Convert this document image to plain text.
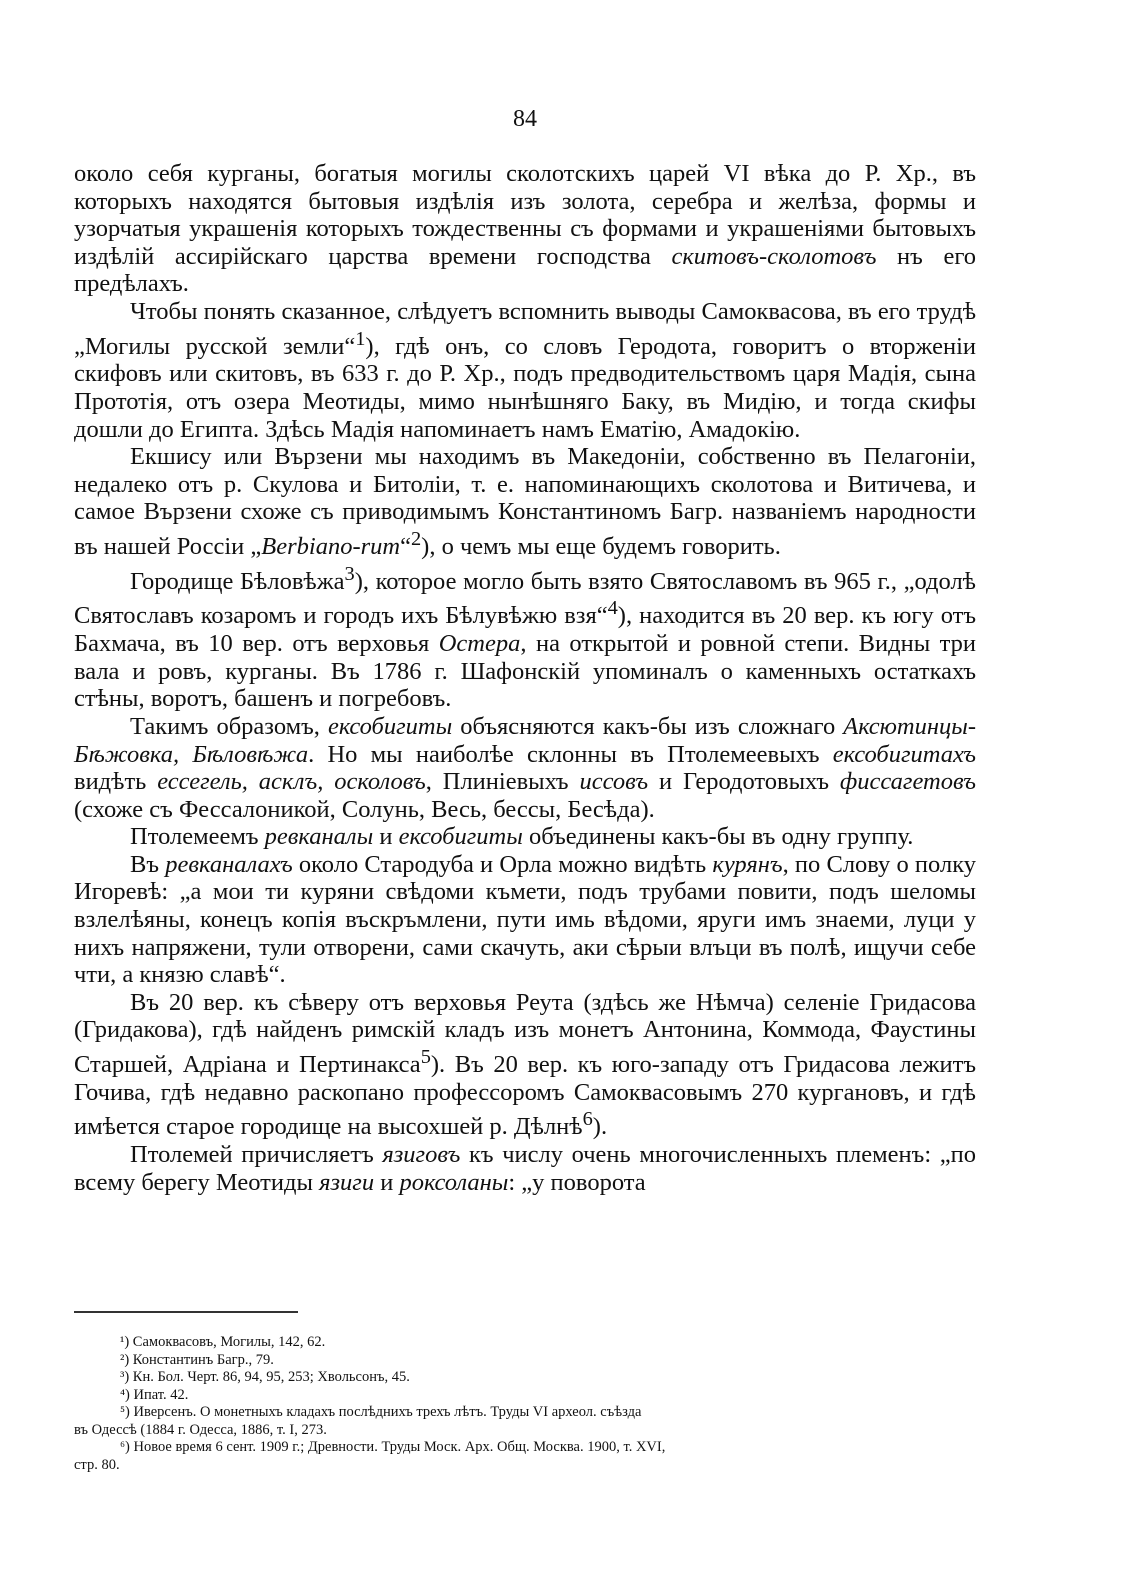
84

около себя курганы, богатыя могилы сколотскихъ царей VI вѣка до Р. Хр., въ которыхъ находятся бытовыя издѣлія изъ золота, серебра и желѣза, формы и узорчатыя украшенія которыхъ тождественны съ формами и украшеніями бытовыхъ издѣлій ассирійскаго царства времени господства скитовъ-сколотовъ нъ его предѣлахъ.

Чтобы понять сказанное, слѣдуетъ вспомнить выводы Самоквасова, въ его трудѣ „Могилы русской земли“$^1$), гдѣ онъ, со словъ Геродота, говоритъ о вторженіи скифовъ или скитовъ, въ 633 г. до Р. Хр., подъ предводительствомъ царя Мадія, сына Прототія, отъ озера Меотиды, мимо нынѣшняго Баку, въ Мидію, и тогда скифы дошли до Египта. Здѣсь Мадія напоминаетъ намъ Ематію, Амадокію.

Екшису или Вързени мы находимъ въ Македоніи, собственно въ Пелагоніи, недалеко отъ р. Скулова и Битоліи, т. е. напоминающихъ сколотова и Витичева, и самое Вързени схоже съ приводимымъ Константиномъ Багр. названіемъ народности въ нашей Россіи „Berbiano-rum“$^2$), о чемъ мы еще будемъ говорить.

Городище Бѣловѣжа$^3$), которое могло быть взято Святославомъ въ 965 г., „одолѣ Святославъ козаромъ и городъ ихъ Бѣлувѣжю взя“$^4$), находится въ 20 вер. къ югу отъ Бахмача, въ 10 вер. отъ верховья Остера, на открытой и ровной степи. Видны три вала и ровъ, курганы. Въ 1786 г. Шафонскій упоминалъ о каменныхъ остаткахъ стѣны, воротъ, башенъ и погребовъ.

Такимъ образомъ, ексобигиты объясняются какъ-бы изъ сложнаго Аксютинцы-Бѣжовка, Бѣловѣжа. Но мы наиболѣе склонны въ Птолемеевыхъ ексобигитахъ видѣть ессегель, асклъ, осколовъ, Плиніевыхъ иссовъ и Геродотовыхъ фиссагетовъ (схоже съ Фессалоникой, Солунь, Весь, бессы, Бесѣда).

Птолемеемъ ревканалы и ексобигиты объединены какъ-бы въ одну группу.

Въ ревканалахъ около Стародуба и Орла можно видѣть курянъ, по Слову о полку Игоревѣ: „а мои ти куряни свѣдоми къмети, подъ трубами повити, подъ шеломы взлелѣяны, конецъ копія въскръмлени, пути имь вѣдоми, яруги имъ знаеми, луци у нихъ напряжени, тули отворени, сами скачуть, аки сѣрыи влъци въ полѣ, ищучи себе чти, а князю славѣ“.

Въ 20 вер. къ сѣверу отъ верховья Реута (здѣсь же Нѣмча) селеніе Гридасова (Гридакова), гдѣ найденъ римскій кладъ изъ монетъ Антонина, Коммода, Фаустины Старшей, Адріана и Пертинакса$^5$). Въ 20 вер. къ юго-западу отъ Гридасова лежитъ Гочива, гдѣ недавно раскопано профессоромъ Самоквасовымъ 270 кургановъ, и гдѣ имѣется старое городище на высохшей р. Дѣлнѣ$^6$).

Птолемей причисляетъ язиговъ къ числу очень многочисленныхъ племенъ: „по всему берегу Меотиды язиги и роксоланы: „у поворота

¹) Самоквасовъ, Могилы, 142, 62.

²) Константинъ Багр., 79.

³) Кн. Бол. Черт. 86, 94, 95, 253; Хвольсонъ, 45.

⁴) Ипат. 42.

⁵) Иверсенъ. О монетныхъ кладахъ послѣднихъ трехъ лѣтъ. Труды VI археол. съѣзда

въ Одессѣ (1884 г. Одесса, 1886, т. I, 273.

⁶) Новое время 6 сент. 1909 г.; Древности. Труды Моск. Арх. Общ. Москва. 1900, т. XVI,

стр. 80.
